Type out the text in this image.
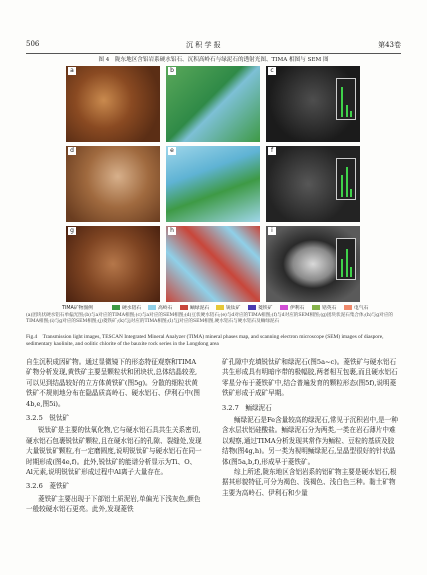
506	沉 积 学 报	第43卷
图 4　陇东地区含铝岩系硬水铝石、沉积高岭石与绿泥石的透射光图、TIMA 相图与 SEM 图
a	b	c
d	e	f
g	h	i
TIMA矿物图例	硬水铝石	高岭石	鲕绿泥石	锐钛矿	菱铁矿	伊利石	锆英石	电气石
(a)团块状硬水铝石单偏光图;(b)与a对应的TIMA相图;(c)与a对应的SEM相图;(d)豆状硬水铝石;(e)与d对应的TIMA相图;(f)与d对应的SEM相图;(g)团块状泥石集合体;(h)与g对应的TIMA相图;(i)与g对应的SEM相图;(j)菱铁矿;(k)与j对应的TIMA相图;(l)与j对应的SEM相图,硬水铝石与硬水铝石及鲕绿泥石
Fig.4　Transmission light images, TESCAN Integrated Mineral Analyzer (TIMA) mineral phases map, and scanning electron microscope (SEM) images of diaspore, sedimentary kaolinite, and oolitic chlorite of the bauxite rock series in the Longdong area

自生沉积成因矿物。通过显微镜下的形态特征观察和TIMA矿物分析发现,黄铁矿主要呈颗粒状和团块状,总体结晶较差,可以见到结晶较好的立方体黄铁矿(图5g)。分散的细粒状黄铁矿不规则地分布在隐晶质高岭石、硬水铝石、伊利石中(图4b,e,图5i)。

3.2.5　锐钛矿

锐钛矿是主要的钛氧化物,它与硬水铝石具共生关系密切,硬水铝石包裹锐钛矿颗粒,且在硬水铝石的孔隙、裂缝处,发现大量锐钛矿颗粒,有一定磨圆度,说明锐钛矿与硬水铝石在同一时期形成(图4e,f)。此外,锐钛矿的能谱分析显示为Ti、O、Al元素,说明锐钛矿形成过程中Al离子大量存在。

3.2.6　菱铁矿

菱铁矿主要出现于下部铝土质泥岩,单偏光下浅灰色,颜色一般较硬水铝石更亮。此外,发现菱铁

矿孔隙中充填锐钛矿和绿泥石(图5a~c)。菱铁矿与硬水铝石共生形成具有明暗序带的极幅胶,两者相互包裹,而且硬水铝石零星分布于菱铁矿中,结合普遍发育的颗粒形态(图5f),说明菱铁矿形成于成矿早期。

3.2.7　鲕绿泥石

鲕绿泥石是Fe含量较高的绿泥石,常见于沉积岩中,是一种含水层状铝硅酸盐。鲕绿泥石分为两类,一类在岩石薄片中难以观察,通过TIMA分析发现其常作为鲕粒、豆粒的基质及胶结物(图4g,h)。另一类为视明鲕绿泥石,呈晶型很好的针状晶体(图5a,b,f),形成早于菱铁矿。

综上所述,陇东地区含铝岩系的铝矿物主要是硬水铝石,根据其形貌特征,可分为褐色、浅褐色、浅白色三种。黏土矿物主要为高岭石、伊利石和少量
